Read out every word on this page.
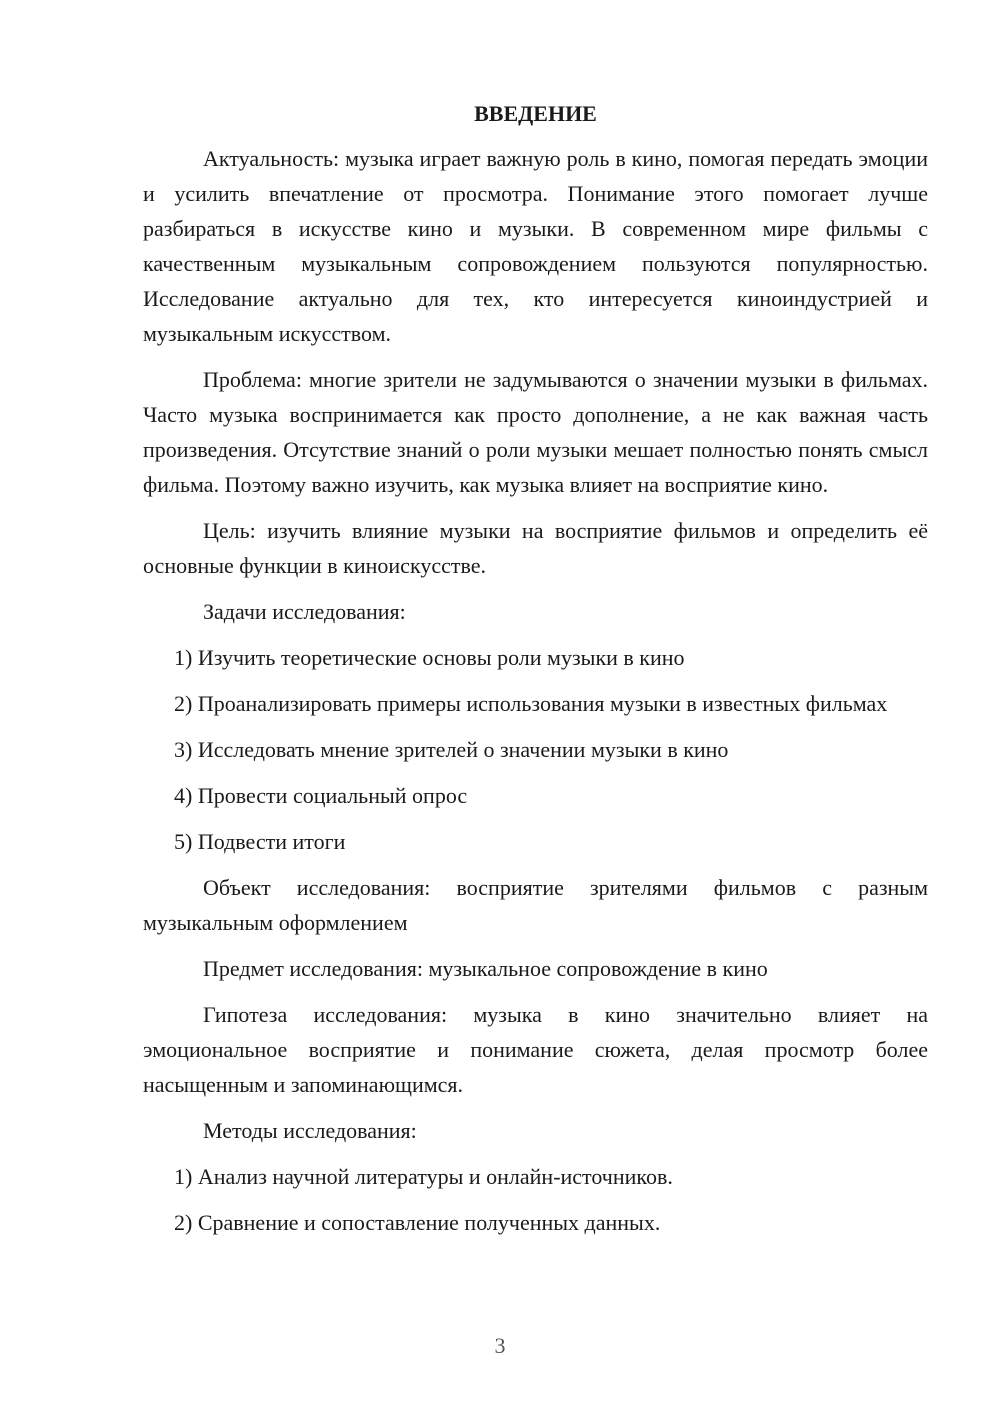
ВВЕДЕНИЕ
Актуальность: музыка играет важную роль в кино, помогая передать эмоции и усилить впечатление от просмотра. Понимание этого помогает лучше разбираться в искусстве кино и музыки. В современном мире фильмы с качественным музыкальным сопровождением пользуются популярностью. Исследование актуально для тех, кто интересуется киноиндустрией и музыкальным искусством.
Проблема: многие зрители не задумываются о значении музыки в фильмах. Часто музыка воспринимается как просто дополнение, а не как важная часть произведения. Отсутствие знаний о роли музыки мешает полностью понять смысл фильма. Поэтому важно изучить, как музыка влияет на восприятие кино.
Цель: изучить влияние музыки на восприятие фильмов и определить её основные функции в киноискусстве.
Задачи исследования:
1) Изучить теоретические основы роли музыки в кино
2) Проанализировать примеры использования музыки в известных фильмах
3) Исследовать мнение зрителей о значении музыки в кино
4) Провести социальный опрос
5) Подвести итоги
Объект исследования: восприятие зрителями фильмов с разным музыкальным оформлением
Предмет исследования: музыкальное сопровождение в кино
Гипотеза исследования: музыка в кино значительно влияет на эмоциональное восприятие и понимание сюжета, делая просмотр более насыщенным и запоминающимся.
Методы исследования:
1) Анализ научной литературы и онлайн-источников.
2) Сравнение и сопоставление полученных данных.
3
